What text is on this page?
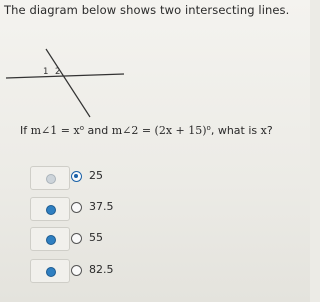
The diagram below shows two intersecting lines.
1 2
If m∠1 = $x^o$ and m∠2 = $(2x + 15)^o$, what is x?
25
37.5
55
82.5
